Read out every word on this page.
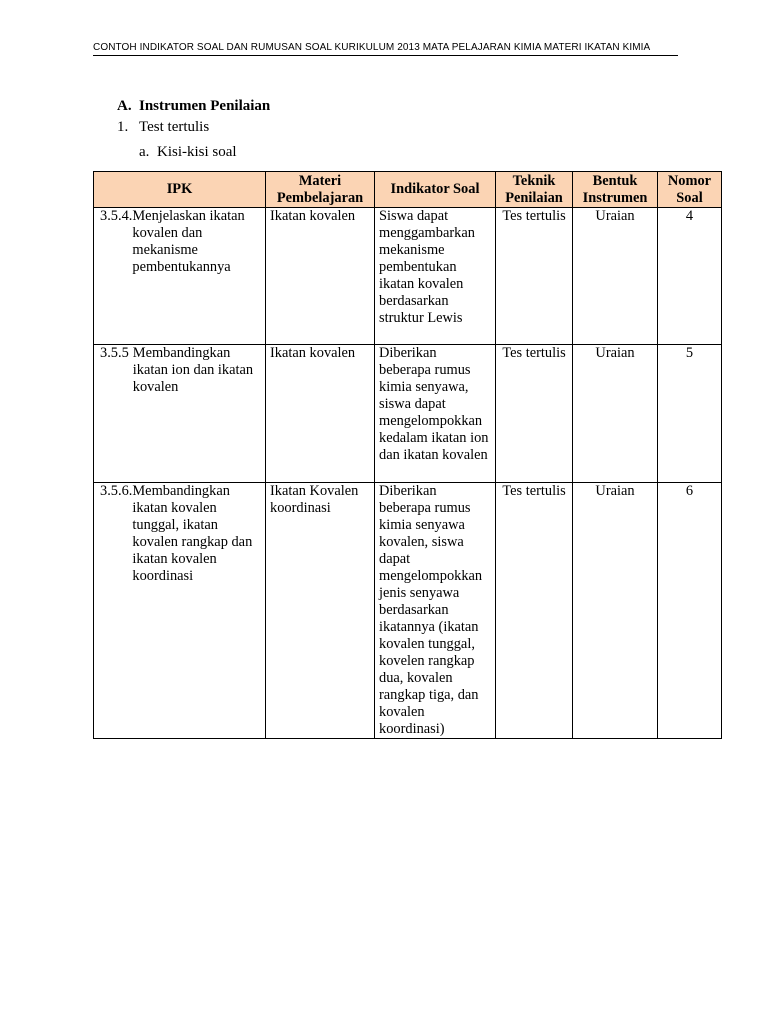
CONTOH INDIKATOR SOAL DAN RUMUSAN SOAL KURIKULUM 2013 MATA PELAJARAN KIMIA MATERI IKATAN KIMIA
A. Instrumen Penilaian
1. Test tertulis
a. Kisi-kisi soal
IPK	Materi Pembelajaran	Indikator Soal	Teknik Penilaian	Bentuk Instrumen	Nomor Soal

3.5.4. Menjelaskan ikatan kovalen dan mekanisme pembentukannya	Ikatan kovalen	Siswa dapat menggambarkan mekanisme pembentukan ikatan kovalen berdasarkan struktur Lewis	Tes tertulis	Uraian	4

3.5.5 Membandingkan ikatan ion dan ikatan kovalen	Ikatan kovalen	Diberikan beberapa rumus kimia senyawa, siswa dapat mengelompokkan kedalam ikatan ion dan ikatan kovalen	Tes tertulis	Uraian	5

3.5.6. Membandingkan ikatan kovalen tunggal, ikatan kovalen rangkap dan ikatan kovalen koordinasi	Ikatan Kovalen koordinasi	Diberikan beberapa rumus kimia senyawa kovalen, siswa dapat mengelompokkan jenis senyawa berdasarkan ikatannya (ikatan kovalen tunggal, kovelen rangkap dua, kovalen rangkap tiga, dan kovalen koordinasi)	Tes tertulis	Uraian	6
